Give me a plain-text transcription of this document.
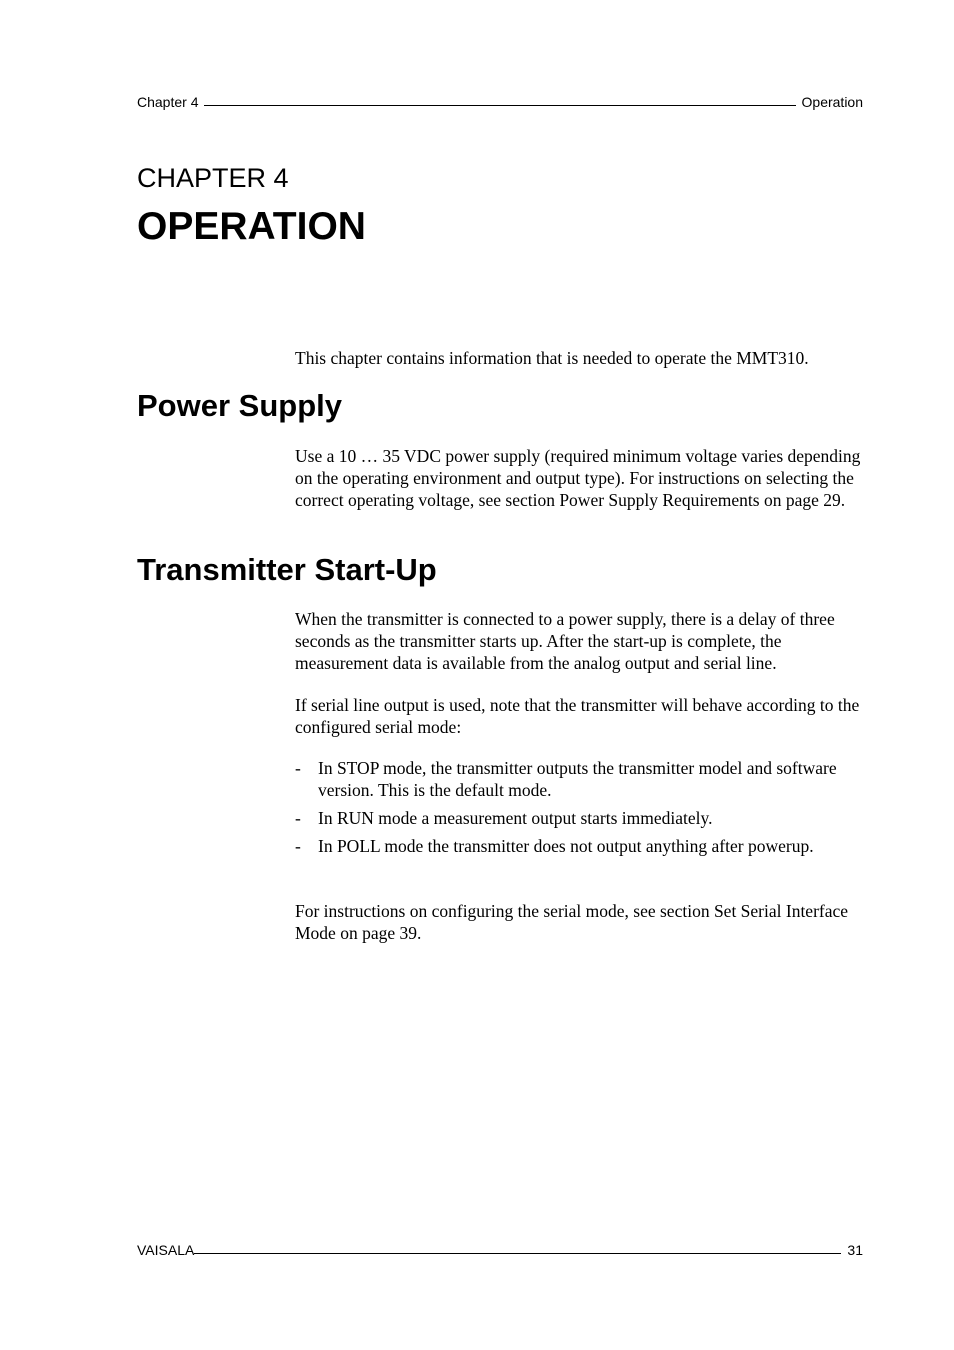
Chapter 4	Operation
CHAPTER 4
OPERATION

This chapter contains information that is needed to operate the MMT310.

Power Supply

Use a 10 … 35 VDC power supply (required minimum voltage varies depending on the operating environment and output type). For instructions on selecting the correct operating voltage, see section Power Supply Requirements on page 29.

Transmitter Start-Up

When the transmitter is connected to a power supply, there is a delay of three seconds as the transmitter starts up. After the start-up is complete, the measurement data is available from the analog output and serial line.

If serial line output is used, note that the transmitter will behave according to the configured serial mode:

- In STOP mode, the transmitter outputs the transmitter model and software version. This is the default mode.
- In RUN mode a measurement output starts immediately.
- In POLL mode the transmitter does not output anything after powerup.

For instructions on configuring the serial mode, see section Set Serial Interface Mode on page 39.

VAISALA	31
